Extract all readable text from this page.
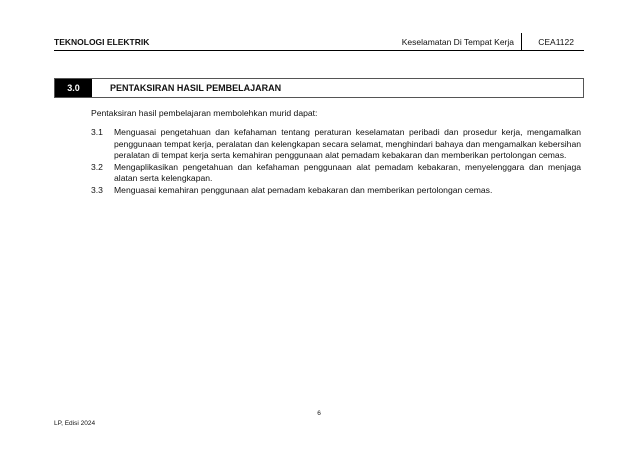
TEKNOLOGI ELEKTRIK	Keselamatan Di Tempat Kerja	CEA1122
3.0	PENTAKSIRAN HASIL PEMBELAJARAN
Pentaksiran hasil pembelajaran membolehkan murid dapat:
3.1	Menguasai pengetahuan dan kefahaman tentang peraturan keselamatan peribadi dan prosedur kerja, mengamalkan penggunaan tempat kerja, peralatan dan kelengkapan secara selamat, menghindari bahaya dan mengamalkan kebersihan peralatan di tempat kerja serta kemahiran penggunaan alat pemadam kebakaran dan memberikan pertolongan cemas.
3.2	Mengaplikasikan pengetahuan dan kefahaman penggunaan alat pemadam kebakaran, menyelenggara dan menjaga alatan serta kelengkapan.
3.3	Menguasai kemahiran penggunaan alat pemadam kebakaran dan memberikan pertolongan cemas.
6
LP, Edisi 2024
